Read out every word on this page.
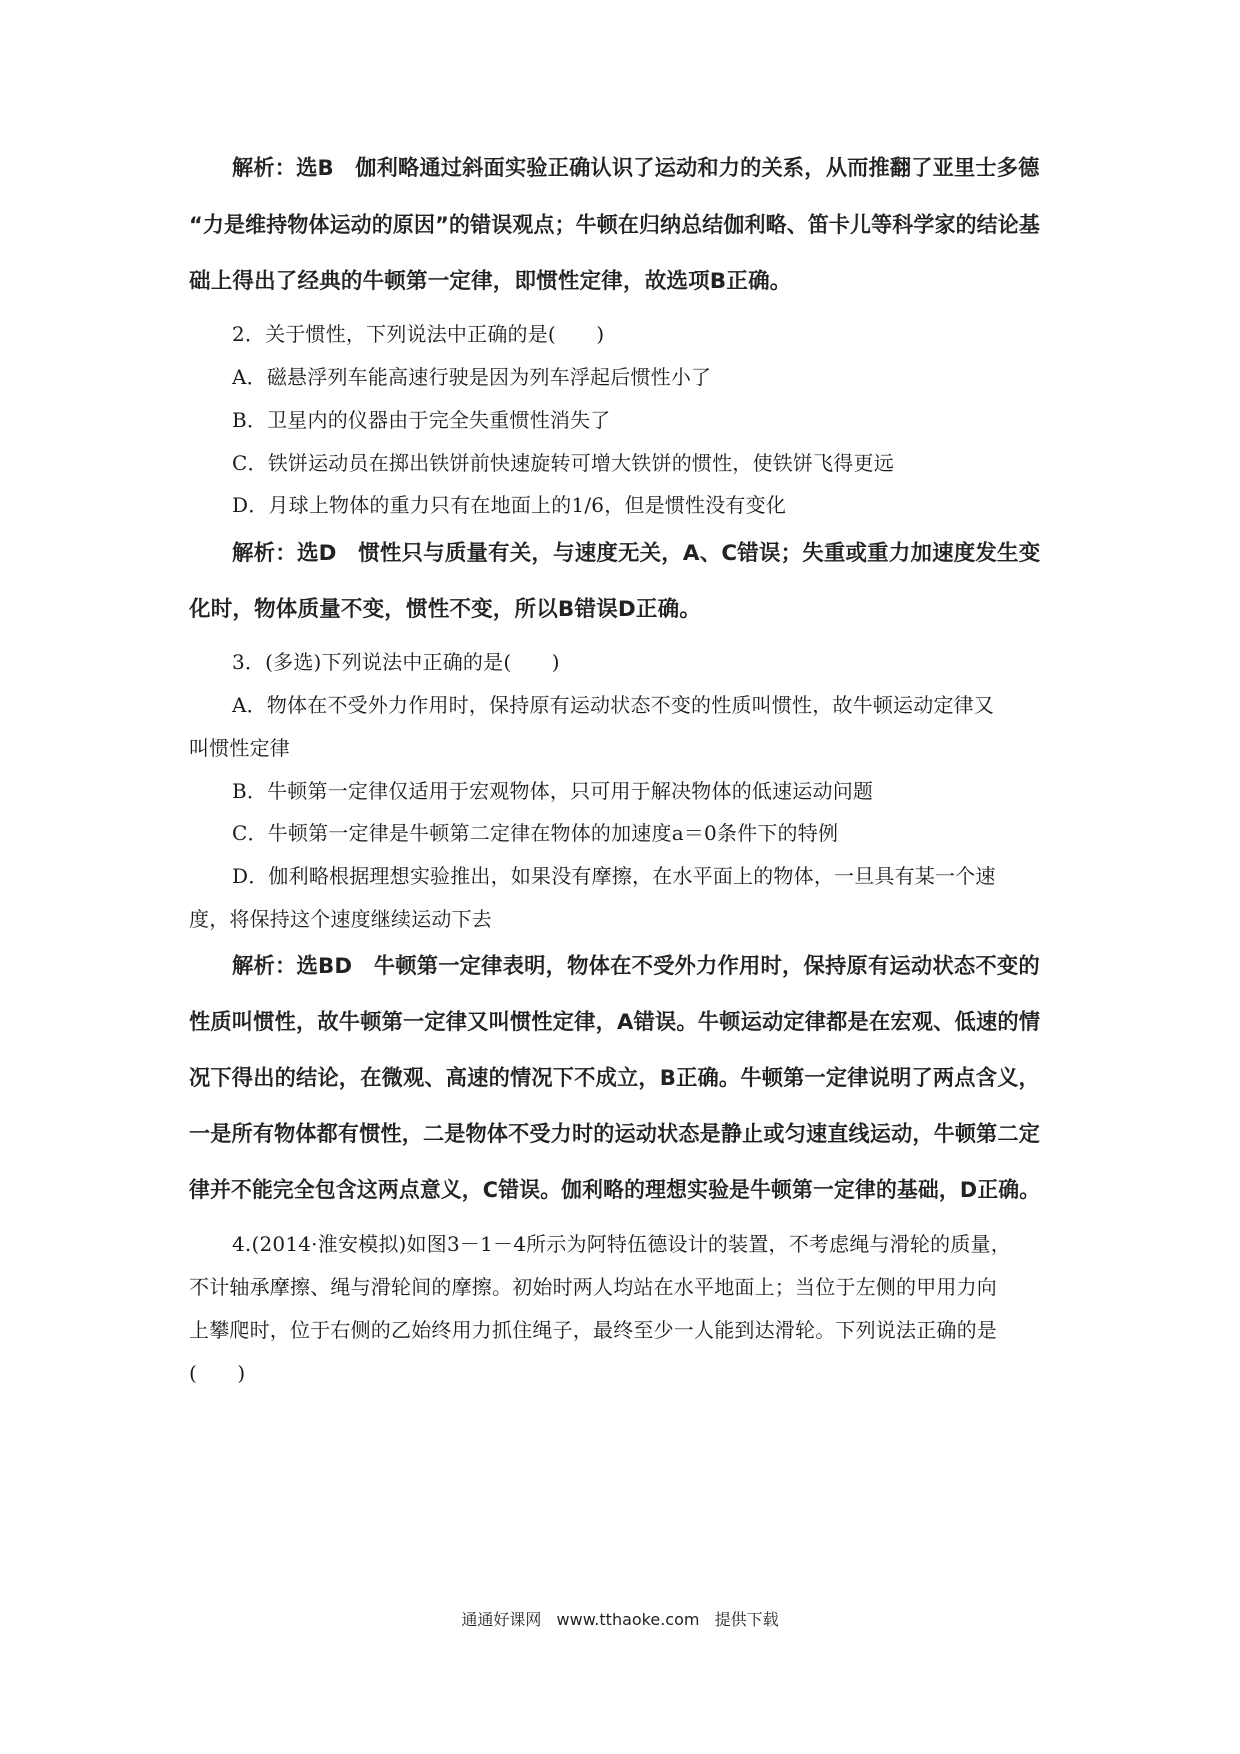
解析：选B　伽利略通过斜面实验正确认识了运动和力的关系，从而推翻了亚里士多德
“力是维持物体运动的原因”的错误观点；牛顿在归纳总结伽利略、笛卡儿等科学家的结论基
础上得出了经典的牛顿第一定律，即惯性定律，故选项B正确。
2．关于惯性，下列说法中正确的是(　　)
A．磁悬浮列车能高速行驶是因为列车浮起后惯性小了
B．卫星内的仪器由于完全失重惯性消失了
C．铁饼运动员在掷出铁饼前快速旋转可增大铁饼的惯性，使铁饼飞得更远
D．月球上物体的重力只有在地面上的1/6，但是惯性没有变化
解析：选D　惯性只与质量有关，与速度无关，A、C错误；失重或重力加速度发生变
化时，物体质量不变，惯性不变，所以B错误D正确。
3．(多选)下列说法中正确的是(　　)
A．物体在不受外力作用时，保持原有运动状态不变的性质叫惯性，故牛顿运动定律又
叫惯性定律
B．牛顿第一定律仅适用于宏观物体，只可用于解决物体的低速运动问题
C．牛顿第一定律是牛顿第二定律在物体的加速度a＝0条件下的特例
D．伽利略根据理想实验推出，如果没有摩擦，在水平面上的物体，一旦具有某一个速
度，将保持这个速度继续运动下去
解析：选BD　牛顿第一定律表明，物体在不受外力作用时，保持原有运动状态不变的
性质叫惯性，故牛顿第一定律又叫惯性定律，A错误。牛顿运动定律都是在宏观、低速的情
况下得出的结论，在微观、高速的情况下不成立，B正确。牛顿第一定律说明了两点含义，
一是所有物体都有惯性，二是物体不受力时的运动状态是静止或匀速直线运动，牛顿第二定
律并不能完全包含这两点意义，C错误。伽利略的理想实验是牛顿第一定律的基础，D正确。
4.(2014·淮安模拟)如图3－1－4所示为阿特伍德设计的装置，不考虑绳与滑轮的质量，
不计轴承摩擦、绳与滑轮间的摩擦。初始时两人均站在水平地面上；当位于左侧的甲用力向
上攀爬时，位于右侧的乙始终用力抓住绳子，最终至少一人能到达滑轮。下列说法正确的是
(　　)
通通好课网 www.tthaoke.com 提供下载
